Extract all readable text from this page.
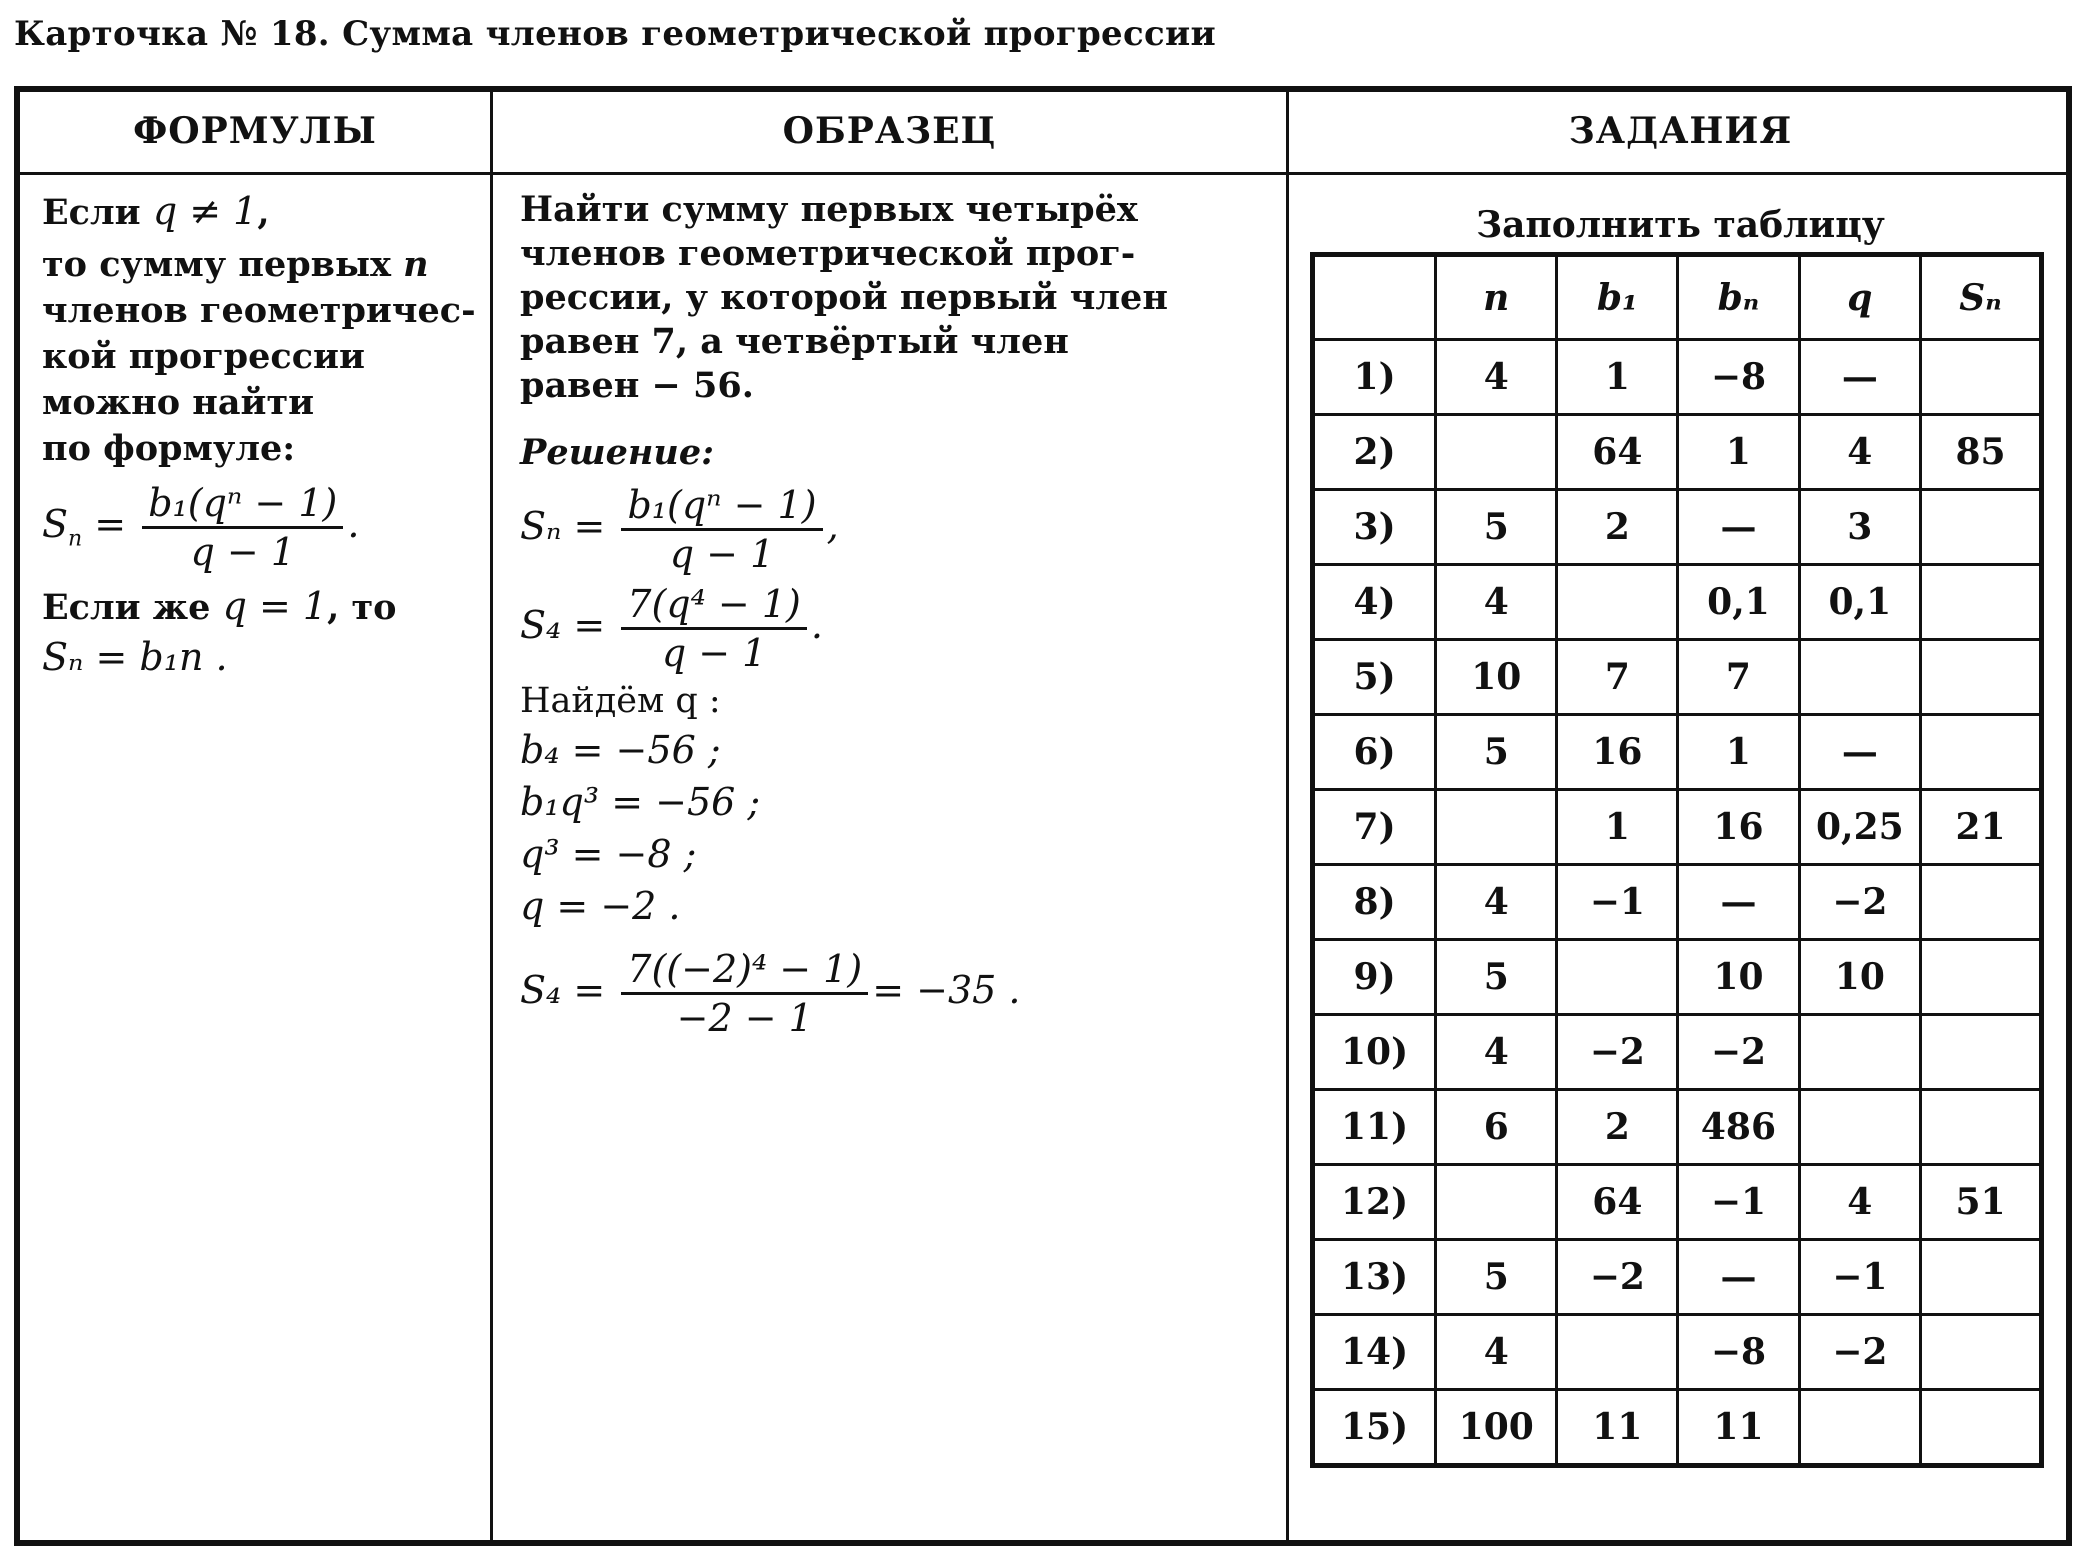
Карточка № 18. Сумма членов геометрической прогрессии
ФОРМУЛЫ	ОБРАЗЕЦ	ЗАДАНИЯ
Если q ≠ 1,
то сумму первых n
членов геометричес-
кой прогрессии
можно найти
по формуле:
$S_n = \frac{\text{b₁(qⁿ − 1)}}{q - 1}$ .
Если же q = 1, то
Sₙ = b₁n .
Найти сумму первых четырёх
членов геометрической прог-
рессии, у которой первый член
равен 7, а четвёртый член
равен − 56.
Решение:
$S_n = \frac{\text{b₁(qⁿ − 1)}}{q - 1}$ ,
$S_4 = \frac{\text{7(q⁴ − 1)}}{q - 1}$ .
Найдём q :
b₄ = −56 ;
b₁q³ = −56 ;
q³ = −8 ;
q = −2 .
$S_4 = \frac{\text{7((−2)⁴ − 1)}}{-2 - 1} = -35$ .
Заполнить таблицу
	n	b₁	bₙ	q	Sₙ
1)	4	1	−8	—	
2)		64	1	4	85
3)	5	2	—	3	
4)	4		0,1	0,1	
5)	10	7	7		
6)	5	16	1	—	
7)		1	16	0,25	21
8)	4	−1	—	−2	
9)	5		10	10	
10)	4	−2	−2		
11)	6	2	486		
12)		64	−1	4	51
13)	5	−2	—	−1	
14)	4		−8	−2	
15)	100	11	11		
